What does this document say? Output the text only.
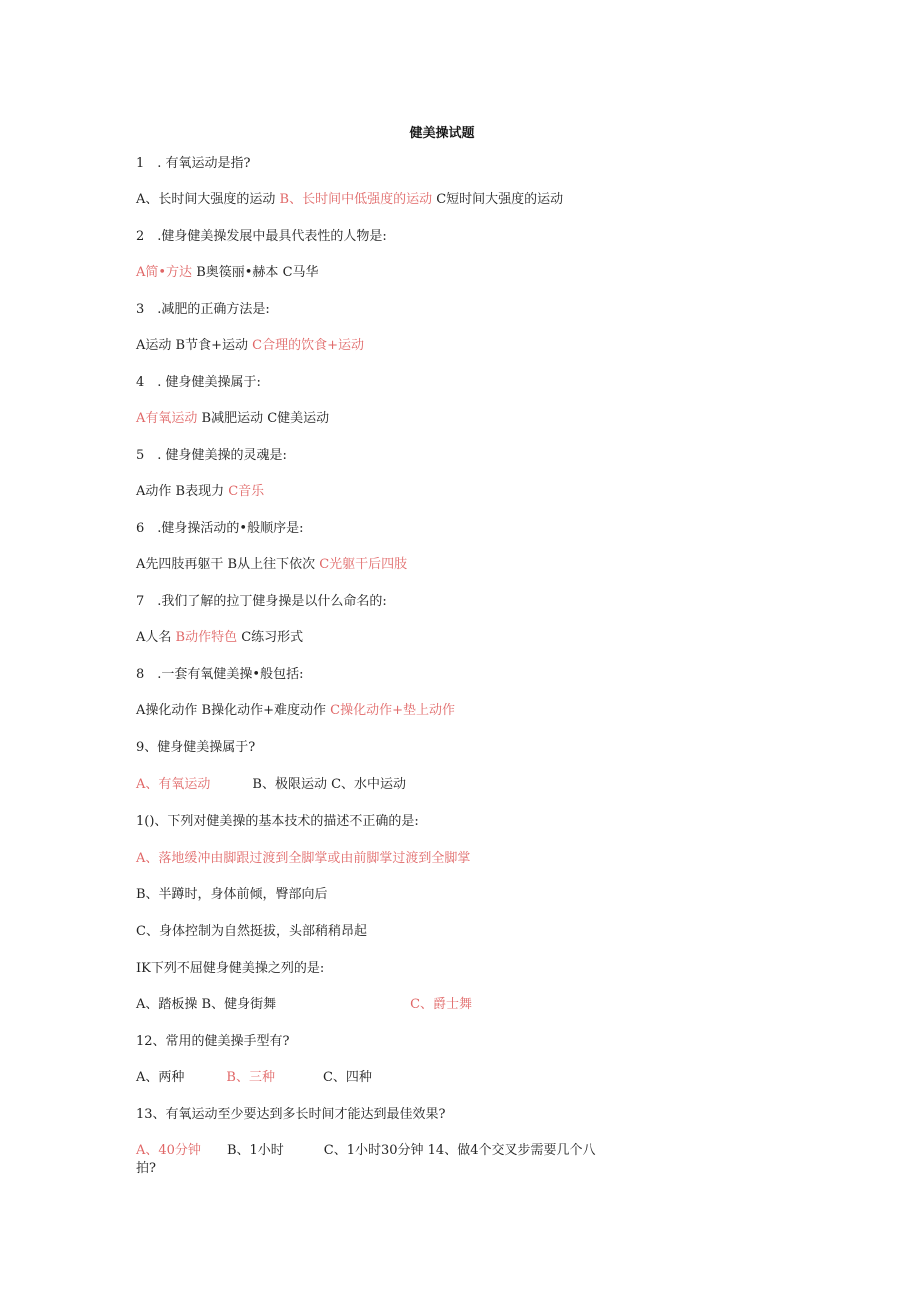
健美操试题
1　. 有氧运动是指?
A、长时间大强度的运动 B、长时间中低强度的运动 C短时间大强度的运动
2　.健身健美操发展中最具代表性的人物是:
A简•方达 B奥篌丽•赫本 C马华
3　.减肥的正确方法是:
A运动 B节食+运动 C合理的饮食+运动
4　. 健身健美操属于:
A有氧运动 B减肥运动 C健美运动
5　. 健身健美操的灵魂是:
A动作 B表现力 C音乐
6　.健身操活动的•般顺序是:
A先四肢再躯干 B从上往下依次 C光躯干后四肢
7　.我们了解的拉丁健身操是以什么命名的:
A人名 B动作特色 C练习形式
8　.一套有氧健美操•般包括:
A操化动作 B操化动作+难度动作 C操化动作+垫上动作
9、健身健美操属于?
A、有氧运动	B、极限运动 C、水中运动
1()、下列对健美操的基本技术的描述不正确的是:
A、落地缓冲由脚跟过渡到全脚掌或由前脚掌过渡到全脚掌
B、半蹲时，身体前倾，臀部向后
C、身体控制为自然挺拔，头部稍稍昂起
IK下列不屈健身健美操之列的是:
A、踏板操 B、健身街舞	C、爵士舞
12、常用的健美操手型有?
A、两种	B、三种	C、四种
13、有氧运动至少要达到多长时间才能达到最佳效果?
A、40分钟 B、1小时	C、1小时30分钟 14、做4个交叉步需要几个八拍?
